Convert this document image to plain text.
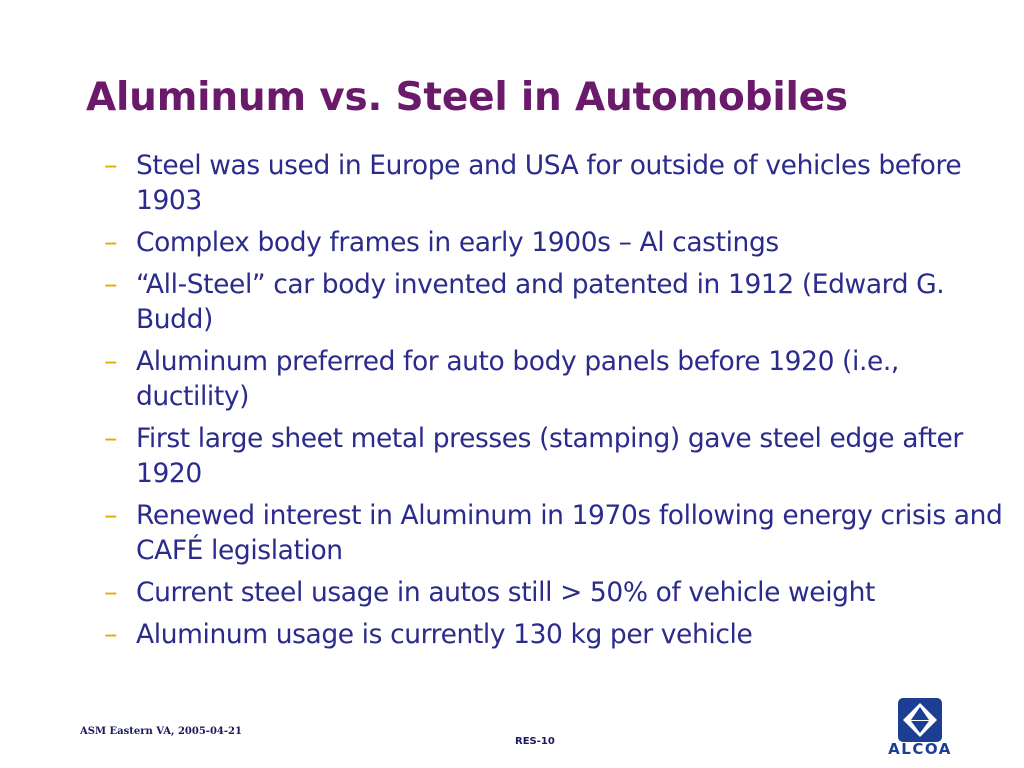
Aluminum vs. Steel in Automobiles
– Steel was used in Europe and USA for outside of vehicles before 1903
– Complex body frames in early 1900s – Al castings
– “All-Steel” car body invented and patented in 1912 (Edward G. Budd)
– Aluminum preferred for auto body panels before 1920 (i.e., ductility)
– First large sheet metal presses (stamping) gave steel edge after 1920
– Renewed interest in Aluminum in 1970s following energy crisis and CAFÉ legislation
– Current steel usage in autos still > 50% of vehicle weight
– Aluminum usage is currently 130 kg per vehicle
ASM Eastern VA, 2005-04-21
RES-10	ALCOA
